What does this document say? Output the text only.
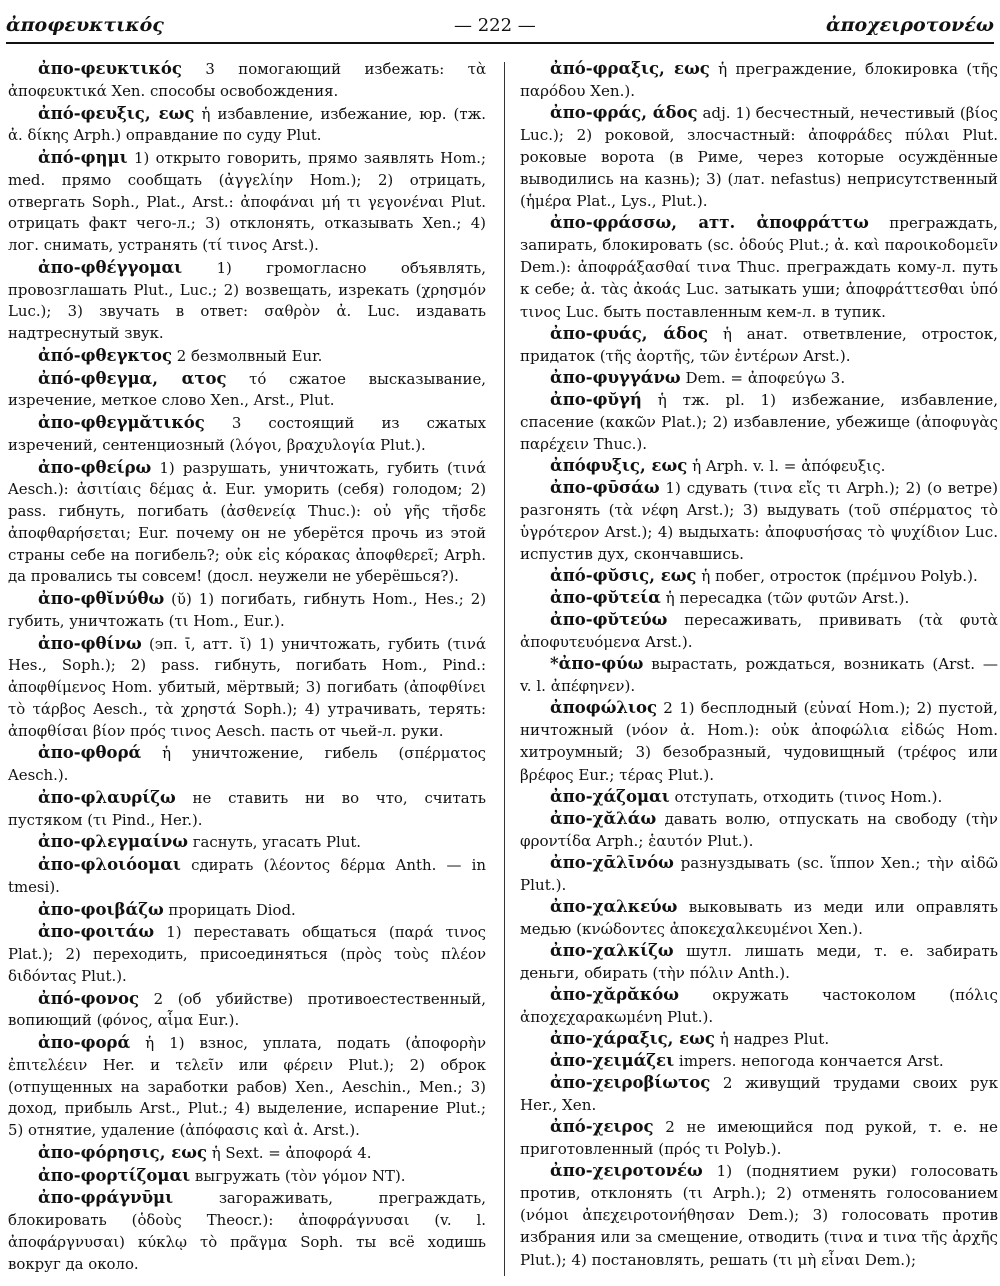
ἀποφευκτικός	— 222 —	ἀποχειροτονέω

ἀπο-φευκτικός 3 помогающий избежать: τὰ ἀποφευκτικά Xen. способы освобождения.

ἀπό-φευξις, εως ἡ избавление, избежание, юр. (тж. ἀ. δίκης Arph.) оправдание по суду Plut.

ἀπό-φημι 1) открыто говорить, прямо заявлять Hom.; med. прямо сообщать (ἀγγελίην Hom.); 2) отрицать, отвергать Soph., Plat., Arst.: ἀποφάναι μή τι γεγονέναι Plut. отрицать факт чего-л.; 3) отклонять, отказывать Xen.; 4) лог. снимать, устранять (τί τινος Arst.).

ἀπο-φθέγγομαι 1) громогласно объявлять, провозглашать Plut., Luc.; 2) возвещать, изрекать (χρησμόν Luc.); 3) звучать в ответ: σαθρὸν ἀ. Luc. издавать надтреснутый звук.

ἀπό-φθεγκτος 2 безмолвный Eur.

ἀπό-φθεγμα, ατος τό сжатое высказывание, изречение, меткое слово Xen., Arst., Plut.

ἀπο-φθεγμᾰτικός 3 состоящий из сжатых изречений, сентенциозный (λόγοι, βραχυλογία Plut.).

ἀπο-φθείρω 1) разрушать, уничтожать, губить (τινά Aesch.): ἀσιτίαις δέμας ἀ. Eur. уморить (себя) голодом; 2) pass. гибнуть, погибать (ἀσθενείᾳ Thuc.): οὐ γῆς τῆσδε ἀποφθαρήσεται; Eur. почему он не уберётся прочь из этой страны себе на погибель?; οὐκ εἰς κόρακας ἀποφθερεῖ; Arph. да провались ты совсем! (досл. неужели не уберёшься?).

ἀπο-φθῐνύθω (ῠ) 1) погибать, гибнуть Hom., Hes.; 2) губить, уничтожать (τι Hom., Eur.).

ἀπο-φθίνω (эп. ῑ, атт. ῐ) 1) уничтожать, губить (τινά Hes., Soph.); 2) pass. гибнуть, погибать Hom., Pind.: ἀποφθίμενος Hom. убитый, мёртвый; 3) погибать (ἀποφθίνει τὸ τάρβος Aesch., τὰ χρηστά Soph.); 4) утрачивать, терять: ἀποφθίσαι βίον πρός τινος Aesch. пасть от чьей-л. руки.

ἀπο-φθορά ἡ уничтожение, гибель (σπέρματος Aesch.).

ἀπο-φλαυρίζω не ставить ни во что, считать пустяком (τι Pind., Her.).

ἀπο-φλεγμαίνω гаснуть, угасать Plut.

ἀπο-φλοιόομαι сдирать (λέοντος δέρμα Anth. — in tmesi).

ἀπο-φοιβάζω прорицать Diod.

ἀπο-φοιτάω 1) переставать общаться (παρά τινος Plat.); 2) переходить, присоединяться (πρὸς τοὺς πλέον διδόντας Plut.).

ἀπό-φονος 2 (об убийстве) противоестественный, вопиющий (φόνος, αἷμα Eur.).

ἀπο-φορά ἡ 1) взнос, уплата, подать (ἀποφορὴν ἐπιτελέειν Her. и τελεῖν или φέρειν Plut.); 2) оброк (отпущенных на заработки рабов) Xen., Aeschin., Men.; 3) доход, прибыль Arst., Plut.; 4) выделение, испарение Plut.; 5) отнятие, удаление (ἀπόφασις καὶ ἀ. Arst.).

ἀπο-φόρησις, εως ἡ Sext. = ἀποφορά 4.

ἀπο-φορτίζομαι выгружать (τὸν γόμον NT).

ἀπο-φράγνῡμι	загораживать, преграждать, блокировать (ὁδοὺς Theocr.): ἀποφράγνυσαι (v. l. ἀποφάργνυσαι) κύκλῳ τὸ πρᾶγμα Soph. ты всё ходишь вокруг да около.

ἀπό-φραξις, εως ἡ преграждение, блокировка (τῆς παρόδου Xen.).

ἀπο-φράς, άδος adj. 1) бесчестный, нечестивый (βίος Luc.); 2) роковой, злосчастный: ἀποφράδες πύλαι Plut. роковые ворота (в Риме, через которые осуждённые выводились на казнь); 3) (лат. nefastus) неприсутственный (ἡμέρα Plat., Lys., Plut.).

ἀπο-φράσσω, атт. ἀποφράττω преграждать, запирать, блокировать (sc. ὁδούς Plut.; ἀ. καὶ παροικοδομεῖν Dem.): ἀποφράξασθαί τινα Thuc. преграждать кому-л. путь к себе; ἀ. τὰς ἀκοάς Luc. затыкать уши; ἀποφράττεσθαι ὑπό τινος Luc. быть поставленным кем-л. в тупик.

ἀπο-φυάς, άδος ἡ анат. ответвление, отросток, придаток (τῆς ἀορτῆς, τῶν ἐντέρων Arst.).

ἀπο-φυγγάνω Dem. = ἀποφεύγω 3.

ἀπο-φῠγή ἡ тж. pl. 1) избежание, избавление, спасение (κακῶν Plat.); 2) избавление, убежище (ἀποφυγὰς παρέχειν Thuc.).

ἀπόφυξις, εως ἡ Arph. v. l. = ἀπόφευξις.

ἀπο-φῡσάω 1) сдувать (τινα εἴς τι Arph.); 2) (о ветре) разгонять (τὰ νέφη Arst.); 3) выдувать (τοῦ σπέρματος τὸ ὑγρότερον Arst.); 4) выдыхать: ἀποφυσήσας τὸ ψυχίδιον Luc. испустив дух, скончавшись.

ἀπό-φῠσις, εως ἡ побег, отросток (πρέμνου Polyb.).

ἀπο-φῠτεία ἡ пересадка (τῶν φυτῶν Arst.).

ἀπο-φῠτεύω пересаживать, прививать (τὰ φυτὰ ἀποφυτευόμενα Arst.).

*ἀπο-φύω вырастать, рождаться, возникать (Arst. — v. l. ἀπέφηνεν).

ἀποφώλιος 2 1) бесплодный (εὐναί Hom.); 2) пустой, ничтожный (νόον ἀ. Hom.): οὐκ ἀποφώλια εἰδώς Hom. хитроумный; 3) безобразный, чудовищный (τρέφος или βρέφος Eur.; τέρας Plut.).

ἀπο-χάζομαι отступать, отходить (τινος Hom.).

ἀπο-χᾰλάω давать волю, отпускать на свободу (τὴν φροντίδα Arph.; ἑαυτόν Plut.).

ἀπο-χᾱλῑνόω разнуздывать (sc. ἵππον Xen.; τὴν αἰδῶ Plut.).

ἀπο-χαλκεύω выковывать из меди или оправлять медью (κνώδοντες ἀποκεχαλκευμένοι Xen.).

ἀπο-χαλκίζω шутл. лишать меди, т. е. забирать деньги, обирать (τὴν πόλιν Anth.).

ἀπο-χᾰρᾰκόω окружать частоколом (πόλις ἀποχεχαρακωμένη Plut.).

ἀπο-χάραξις, εως ἡ надрез Plut.

ἀπο-χειμάζει impers. непогода кончается Arst.

ἀπο-χειροβίωτος 2 живущий трудами своих рук Her., Xen.

ἀπό-χειρος 2 не имеющийся под рукой, т. е. не приготовленный (πρός τι Polyb.).

ἀπο-χειροτονέω 1) (поднятием руки) голосовать против, отклонять (τι Arph.); 2) отменять голосованием (νόμοι ἀπεχειροτονήθησαν Dem.); 3) голосовать против избрания или за смещение, отводить (τινα и τινα τῆς ἀρχῆς Plut.); 4) постановлять, решать (τι μὴ εἶναι Dem.);
